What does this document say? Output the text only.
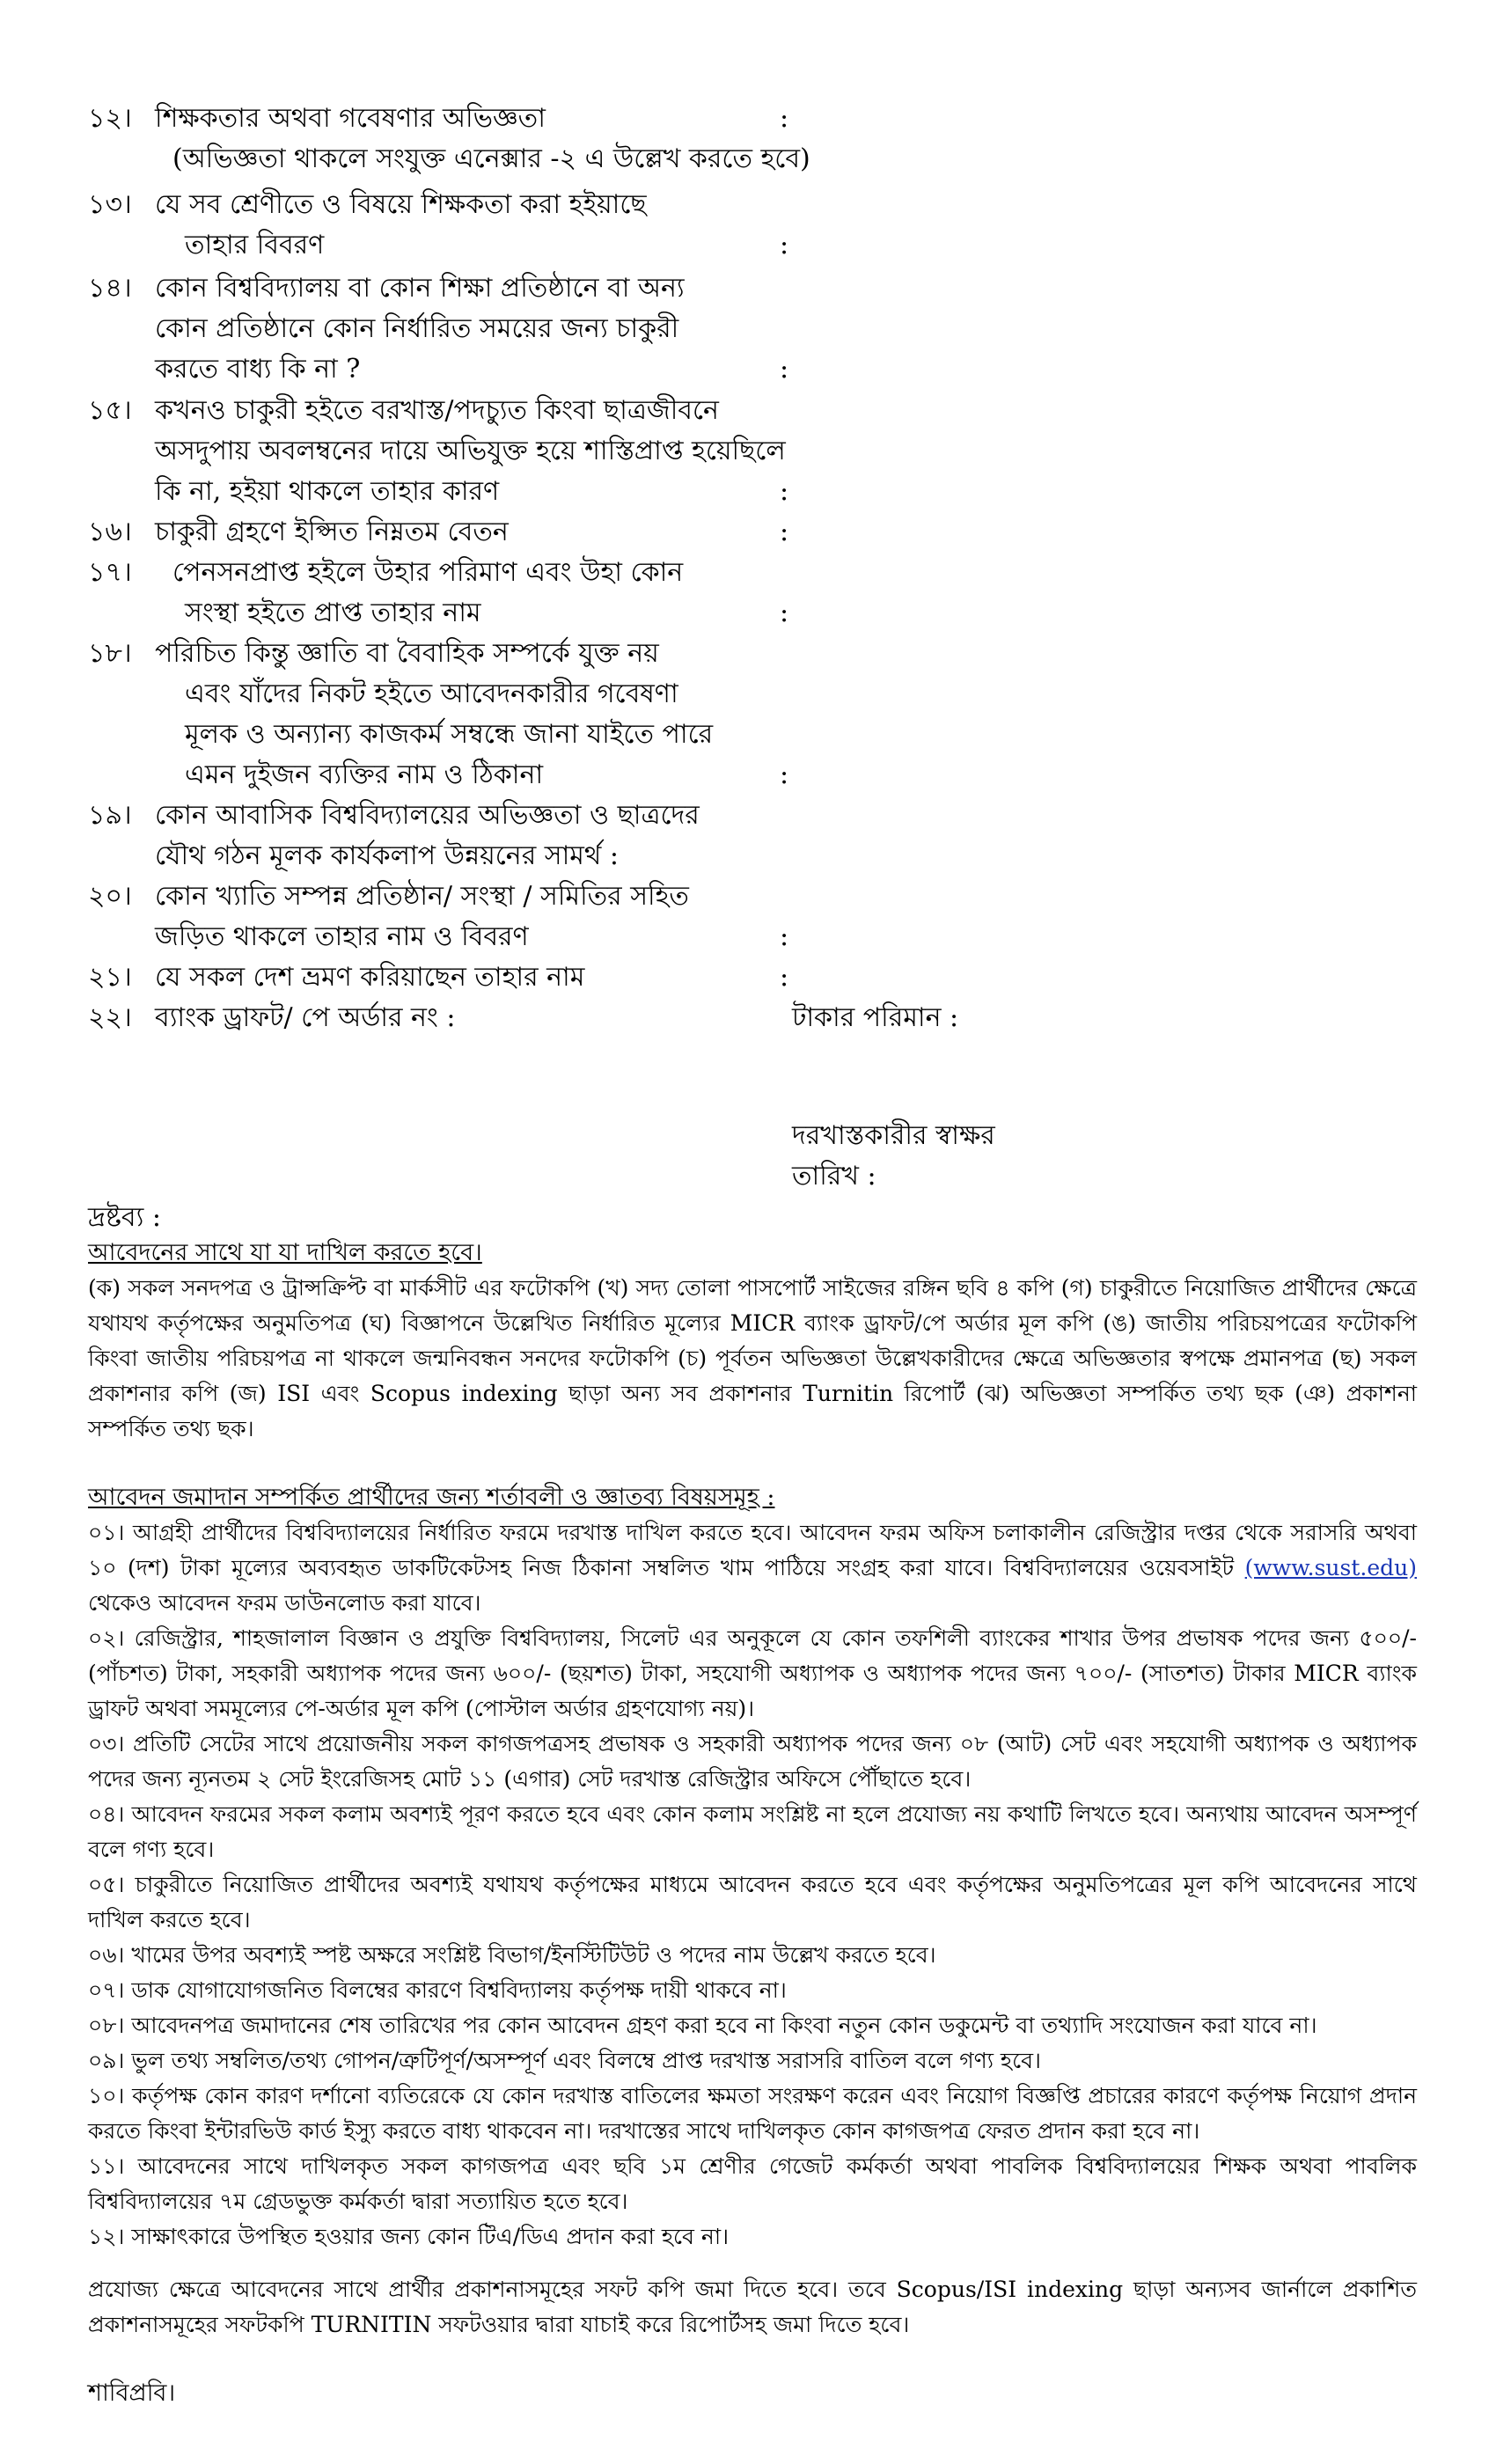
১২। শিক্ষকতার অথবা গবেষণার অভিজ্ঞতা	:
(অভিজ্ঞতা থাকলে সংযুক্ত এনেক্সার -২ এ উল্লেখ করতে হবে)
১৩। যে সব শ্রেণীতে ও বিষয়ে শিক্ষকতা করা হইয়াছে
তাহার বিবরণ	:
১৪। কোন বিশ্ববিদ্যালয় বা কোন শিক্ষা প্রতিষ্ঠানে বা অন্য
কোন প্রতিষ্ঠানে কোন নির্ধারিত সময়ের জন্য চাকুরী
করতে বাধ্য কি না ?	:
১৫। কখনও চাকুরী হইতে বরখাস্ত/পদচ্যুত কিংবা ছাত্রজীবনে
অসদুপায় অবলম্বনের দায়ে অভিযুক্ত হয়ে শাস্তিপ্রাপ্ত হয়েছিলে
কি না, হইয়া থাকলে তাহার কারণ	:
১৬। চাকুরী গ্রহণে ইপ্সিত নিম্নতম বেতন	:
১৭।	পেনসনপ্রাপ্ত হইলে উহার পরিমাণ এবং উহা কোন
সংস্থা হইতে প্রাপ্ত তাহার নাম	:
১৮। পরিচিত কিন্তু জ্ঞাতি বা বৈবাহিক সম্পর্কে যুক্ত নয়
এবং যাঁদের নিকট হইতে আবেদনকারীর গবেষণা
মূলক ও অন্যান্য কাজকর্ম সম্বন্ধে জানা যাইতে পারে
এমন দুইজন ব্যক্তির নাম ও ঠিকানা	:
১৯। কোন আবাসিক বিশ্ববিদ্যালয়ের অভিজ্ঞতা ও ছাত্রদের
যৌথ গঠন মূলক কার্যকলাপ উন্নয়নের সামর্থ :
২০। কোন খ্যাতি সম্পন্ন প্রতিষ্ঠান/ সংস্থা / সমিতির সহিত
জড়িত থাকলে তাহার নাম ও বিবরণ	:
২১। যে সকল দেশ ভ্রমণ করিয়াছেন তাহার নাম	:
২২। ব্যাংক ড্রাফট/ পে অর্ডার নং :	টাকার পরিমান :
দরখাস্তকারীর স্বাক্ষর
তারিখ :
দ্রষ্টব্য :
আবেদনের সাথে যা যা দাখিল করতে হবে।
(ক) সকল সনদপত্র ও ট্রান্সক্রিপ্ট বা মার্কসীট এর ফটোকপি (খ) সদ্য তোলা পাসপোর্ট সাইজের রঙ্গিন ছবি ৪ কপি (গ) চাকুরীতে নিয়োজিত প্রার্থীদের ক্ষেত্রে যথাযথ কর্তৃপক্ষের অনুমতিপত্র (ঘ) বিজ্ঞাপনে উল্লেখিত নির্ধারিত মূল্যের MICR ব্যাংক ড্রাফট/পে অর্ডার মূল কপি (ঙ) জাতীয় পরিচয়পত্রের ফটোকপি কিংবা জাতীয় পরিচয়পত্র না থাকলে জন্মনিবন্ধন সনদের ফটোকপি (চ) পূর্বতন অভিজ্ঞতা উল্লেখকারীদের ক্ষেত্রে অভিজ্ঞতার স্বপক্ষে প্রমানপত্র (ছ) সকল প্রকাশনার কপি (জ) ISI এবং Scopus indexing ছাড়া অন্য সব প্রকাশনার Turnitin রিপোর্ট (ঝ) অভিজ্ঞতা সম্পর্কিত তথ্য ছক (ঞ) প্রকাশনা সম্পর্কিত তথ্য ছক।
আবেদন জমাদান সম্পর্কিত প্রার্থীদের জন্য শর্তাবলী ও জ্ঞাতব্য বিষয়সমূহ :
০১। আগ্রহী প্রার্থীদের বিশ্ববিদ্যালয়ের নির্ধারিত ফরমে দরখাস্ত দাখিল করতে হবে। আবেদন ফরম অফিস চলাকালীন রেজিস্ট্রার দপ্তর থেকে সরাসরি অথবা ১০ (দশ) টাকা মূল্যের অব্যবহৃত ডাকটিকেটসহ নিজ ঠিকানা সম্বলিত খাম পাঠিয়ে সংগ্রহ করা যাবে। বিশ্ববিদ্যালয়ের ওয়েবসাইট (www.sust.edu) থেকেও আবেদন ফরম ডাউনলোড করা যাবে।
০২। রেজিস্ট্রার, শাহজালাল বিজ্ঞান ও প্রযুক্তি বিশ্ববিদ্যালয়, সিলেট এর অনুকূলে যে কোন তফশিলী ব্যাংকের শাখার উপর প্রভাষক পদের জন্য ৫০০/- (পাঁচশত) টাকা, সহকারী অধ্যাপক পদের জন্য ৬০০/- (ছয়শত) টাকা, সহযোগী অধ্যাপক ও অধ্যাপক পদের জন্য ৭০০/- (সাতশত) টাকার MICR ব্যাংক ড্রাফট অথবা সমমূল্যের পে-অর্ডার মূল কপি (পোস্টাল অর্ডার গ্রহণযোগ্য নয়)।
০৩। প্রতিটি সেটের সাথে প্রয়োজনীয় সকল কাগজপত্রসহ প্রভাষক ও সহকারী অধ্যাপক পদের জন্য ০৮ (আট) সেট এবং সহযোগী অধ্যাপক ও অধ্যাপক পদের জন্য ন্যূনতম ২ সেট ইংরেজিসহ মোট ১১ (এগার) সেট দরখাস্ত রেজিস্ট্রার অফিসে পৌঁছাতে হবে।
০৪। আবেদন ফরমের সকল কলাম অবশ্যই পূরণ করতে হবে এবং কোন কলাম সংশ্লিষ্ট না হলে প্রযোজ্য নয় কথাটি লিখতে হবে। অন্যথায় আবেদন অসম্পূর্ণ বলে গণ্য হবে।
০৫। চাকুরীতে নিয়োজিত প্রার্থীদের অবশ্যই যথাযথ কর্তৃপক্ষের মাধ্যমে আবেদন করতে হবে এবং কর্তৃপক্ষের অনুমতিপত্রের মূল কপি আবেদনের সাথে দাখিল করতে হবে।
০৬। খামের উপর অবশ্যই স্পষ্ট অক্ষরে সংশ্লিষ্ট বিভাগ/ইনস্টিটিউট ও পদের নাম উল্লেখ করতে হবে।
০৭। ডাক যোগাযোগজনিত বিলম্বের কারণে বিশ্ববিদ্যালয় কর্তৃপক্ষ দায়ী থাকবে না।
০৮। আবেদনপত্র জমাদানের শেষ তারিখের পর কোন আবেদন গ্রহণ করা হবে না কিংবা নতুন কোন ডকুমেন্ট বা তথ্যাদি সংযোজন করা যাবে না।
০৯। ভুল তথ্য সম্বলিত/তথ্য গোপন/ত্রুটিপূর্ণ/অসম্পূর্ণ এবং বিলম্বে প্রাপ্ত দরখাস্ত সরাসরি বাতিল বলে গণ্য হবে।
১০। কর্তৃপক্ষ কোন কারণ দর্শানো ব্যতিরেকে যে কোন দরখাস্ত বাতিলের ক্ষমতা সংরক্ষণ করেন এবং নিয়োগ বিজ্ঞপ্তি প্রচারের কারণে কর্তৃপক্ষ নিয়োগ প্রদান করতে কিংবা ইন্টারভিউ কার্ড ইস্যু করতে বাধ্য থাকবেন না। দরখাস্তের সাথে দাখিলকৃত কোন কাগজপত্র ফেরত প্রদান করা হবে না।
১১। আবেদনের সাথে দাখিলকৃত সকল কাগজপত্র এবং ছবি ১ম শ্রেণীর গেজেট কর্মকর্তা অথবা পাবলিক বিশ্ববিদ্যালয়ের শিক্ষক অথবা পাবলিক বিশ্ববিদ্যালয়ের ৭ম গ্রেডভুক্ত কর্মকর্তা দ্বারা সত্যায়িত হতে হবে।
১২। সাক্ষাৎকারে উপস্থিত হওয়ার জন্য কোন টিএ/ডিএ প্রদান করা হবে না।
প্রযোজ্য ক্ষেত্রে আবেদনের সাথে প্রার্থীর প্রকাশনাসমূহের সফট কপি জমা দিতে হবে। তবে Scopus/ISI indexing ছাড়া অন্যসব জার্নালে প্রকাশিত প্রকাশনাসমূহের সফটকপি TURNITIN সফটওয়ার দ্বারা যাচাই করে রিপোর্টসহ জমা দিতে হবে।
শাবিপ্রবি।
